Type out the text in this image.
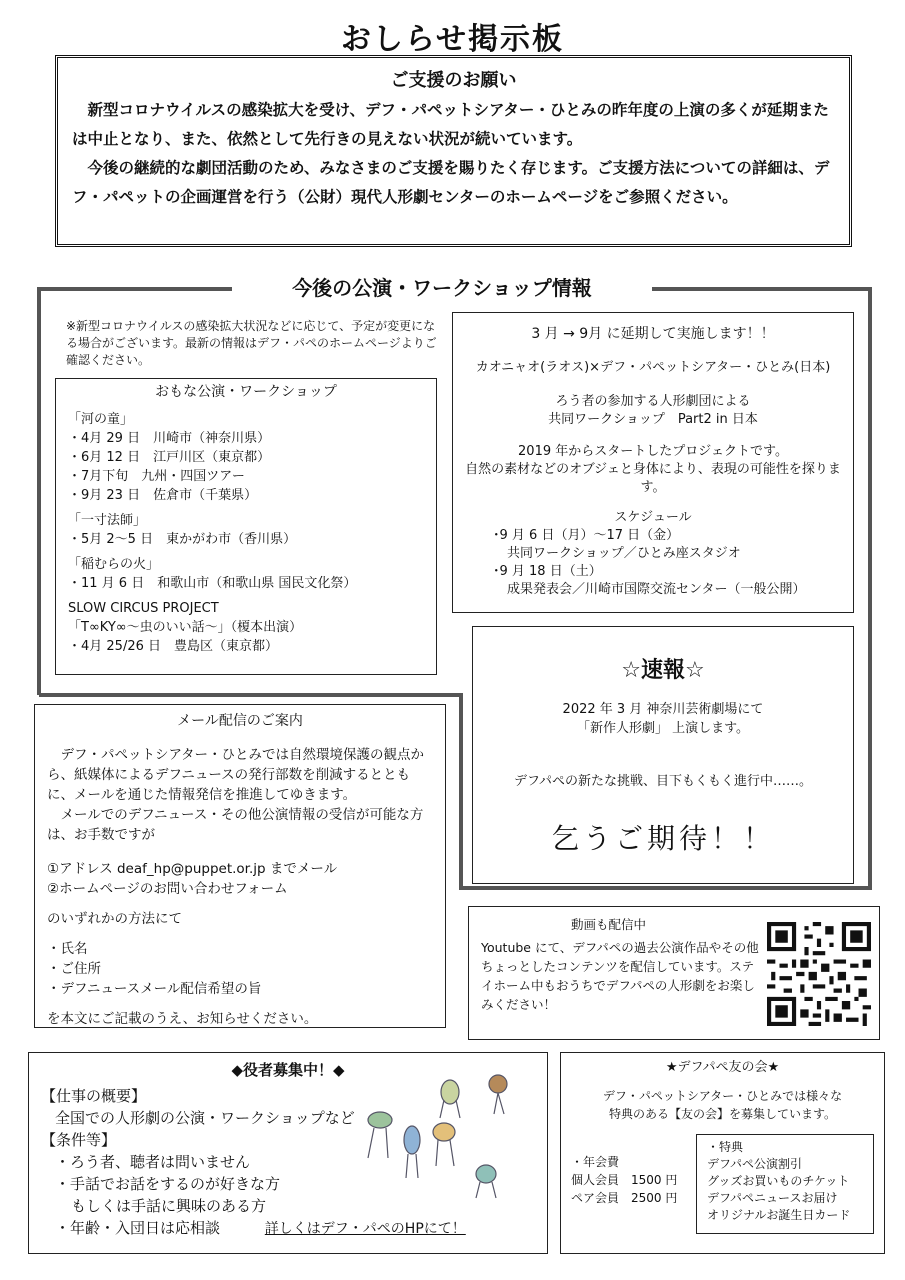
おしらせ掲示板
ご支援のお願い

新型コロナウイルスの感染拡大を受け、デフ・パペットシアター・ひとみの昨年度の上演の多くが延期または中止となり、また、依然として先行きの見えない状況が続いています。

今後の継続的な劇団活動のため、みなさまのご支援を賜りたく存じます。ご支援方法についての詳細は、デフ・パペットの企画運営を行う（公財）現代人形劇センターのホームページをご参照ください。

今後の公演・ワークショップ情報
※新型コロナウイルスの感染拡大状況などに応じて、予定が変更になる場合がございます。最新の情報はデフ・パペのホームページよりご確認ください。
おもな公演・ワークショップ
「河の童」
・4月 29 日　川崎市（神奈川県）
・6月 12 日　江戸川区（東京都）
・7月下旬　九州・四国ツアー
・9月 23 日　佐倉市（千葉県）
「一寸法師」
・5月 2～5 日　東かがわ市（香川県）
「稲むらの火」
・11 月 6 日　和歌山市（和歌山県 国民文化祭）
SLOW CIRCUS PROJECT
「T∞KY∞～虫のいい話～」（榎本出演）
・4月 25/26 日　豊島区（東京都）
3 月 → 9月 に延期して実施します！！
カオニャオ(ラオス)×デフ・パペットシアター・ひとみ(日本)
ろう者の参加する人形劇団による
共同ワークショップ　Part2 in 日本
2019 年からスタートしたプロジェクトです。
自然の素材などのオブジェと身体により、表現の可能性を探ります。
スケジュール
･9 月 6 日（月）～17 日（金）
共同ワークショップ／ひとみ座スタジオ
･9 月 18 日（土）
成果発表会／川崎市国際交流センター（一般公開）
☆速報☆
2022 年 3 月 神奈川芸術劇場にて
「新作人形劇」 上演します。
デフパペの新たな挑戦、目下もくもく進行中……。
乞うご期待！！
メール配信のご案内
デフ・パペットシアター・ひとみでは自然環境保護の観点から、紙媒体によるデフニュースの発行部数を削減するとともに、メールを通じた情報発信を推進してゆきます。
メールでのデフニュース・その他公演情報の受信が可能な方は、お手数ですが
①アドレス deaf_hp@puppet.or.jp までメール
②ホームページのお問い合わせフォーム
のいずれかの方法にて
・氏名
・ご住所
・デフニュースメール配信希望の旨
を本文にご記載のうえ、お知らせください。
動画も配信中
Youtube にて、デフパペの過去公演作品やその他ちょっとしたコンテンツを配信しています。ステイホーム中もおうちでデフパペの人形劇をお楽しみください！
◆役者募集中！◆
【仕事の概要】
全国での人形劇の公演・ワークショップなど
【条件等】
・ろう者、聴者は問いません
・手話でお話をするのが好きな方
もしくは手話に興味のある方
・年齢・入団日は応相談	詳しくはデフ・パペのHPにて！
★デフパペ友の会★
デフ・パペットシアター・ひとみでは様々な
特典のある【友の会】を募集しています。
・年会費
個人会員　1500 円
ペア会員　2500 円
・特典
デフパペ公演割引
グッズお買いものチケット
デフパペニュースお届け
オリジナルお誕生日カード
